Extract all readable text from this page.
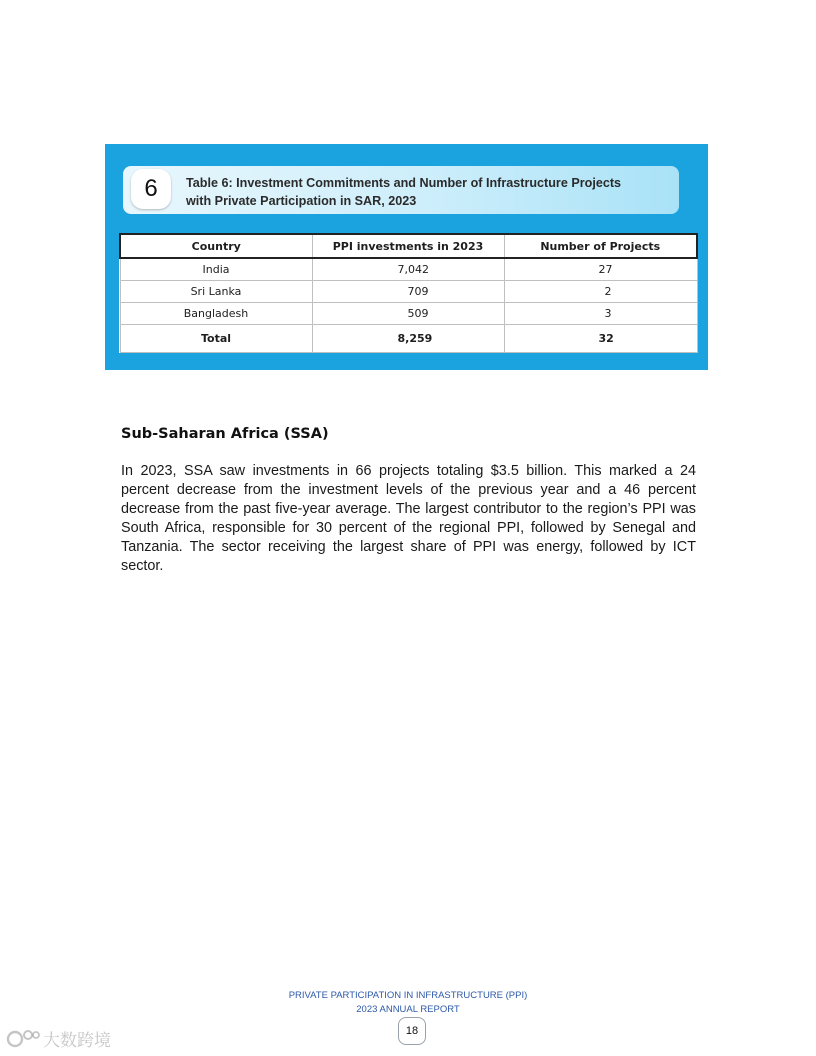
6	Table 6: Investment Commitments and Number of Infrastructure Projects
with Private Participation in SAR, 2023
Country	PPI investments in 2023	Number of Projects
India	7,042	27
Sri Lanka	709	2
Bangladesh	509	3
Total	8,259	32
Sub-Saharan Africa (SSA)

In 2023, SSA saw investments in 66 projects totaling $3.5 billion. This marked a 24 percent decrease from the investment levels of the previous year and a 46 percent decrease from the past five-year average. The largest contributor to the region’s PPI was South Africa, responsible for 30 percent of the regional PPI, followed by Senegal and Tanzania. The sector receiving the largest share of PPI was energy, followed by ICT sector.

PRIVATE PARTICIPATION IN INFRASTRUCTURE (PPI)
2023 ANNUAL REPORT
18
大数跨境
